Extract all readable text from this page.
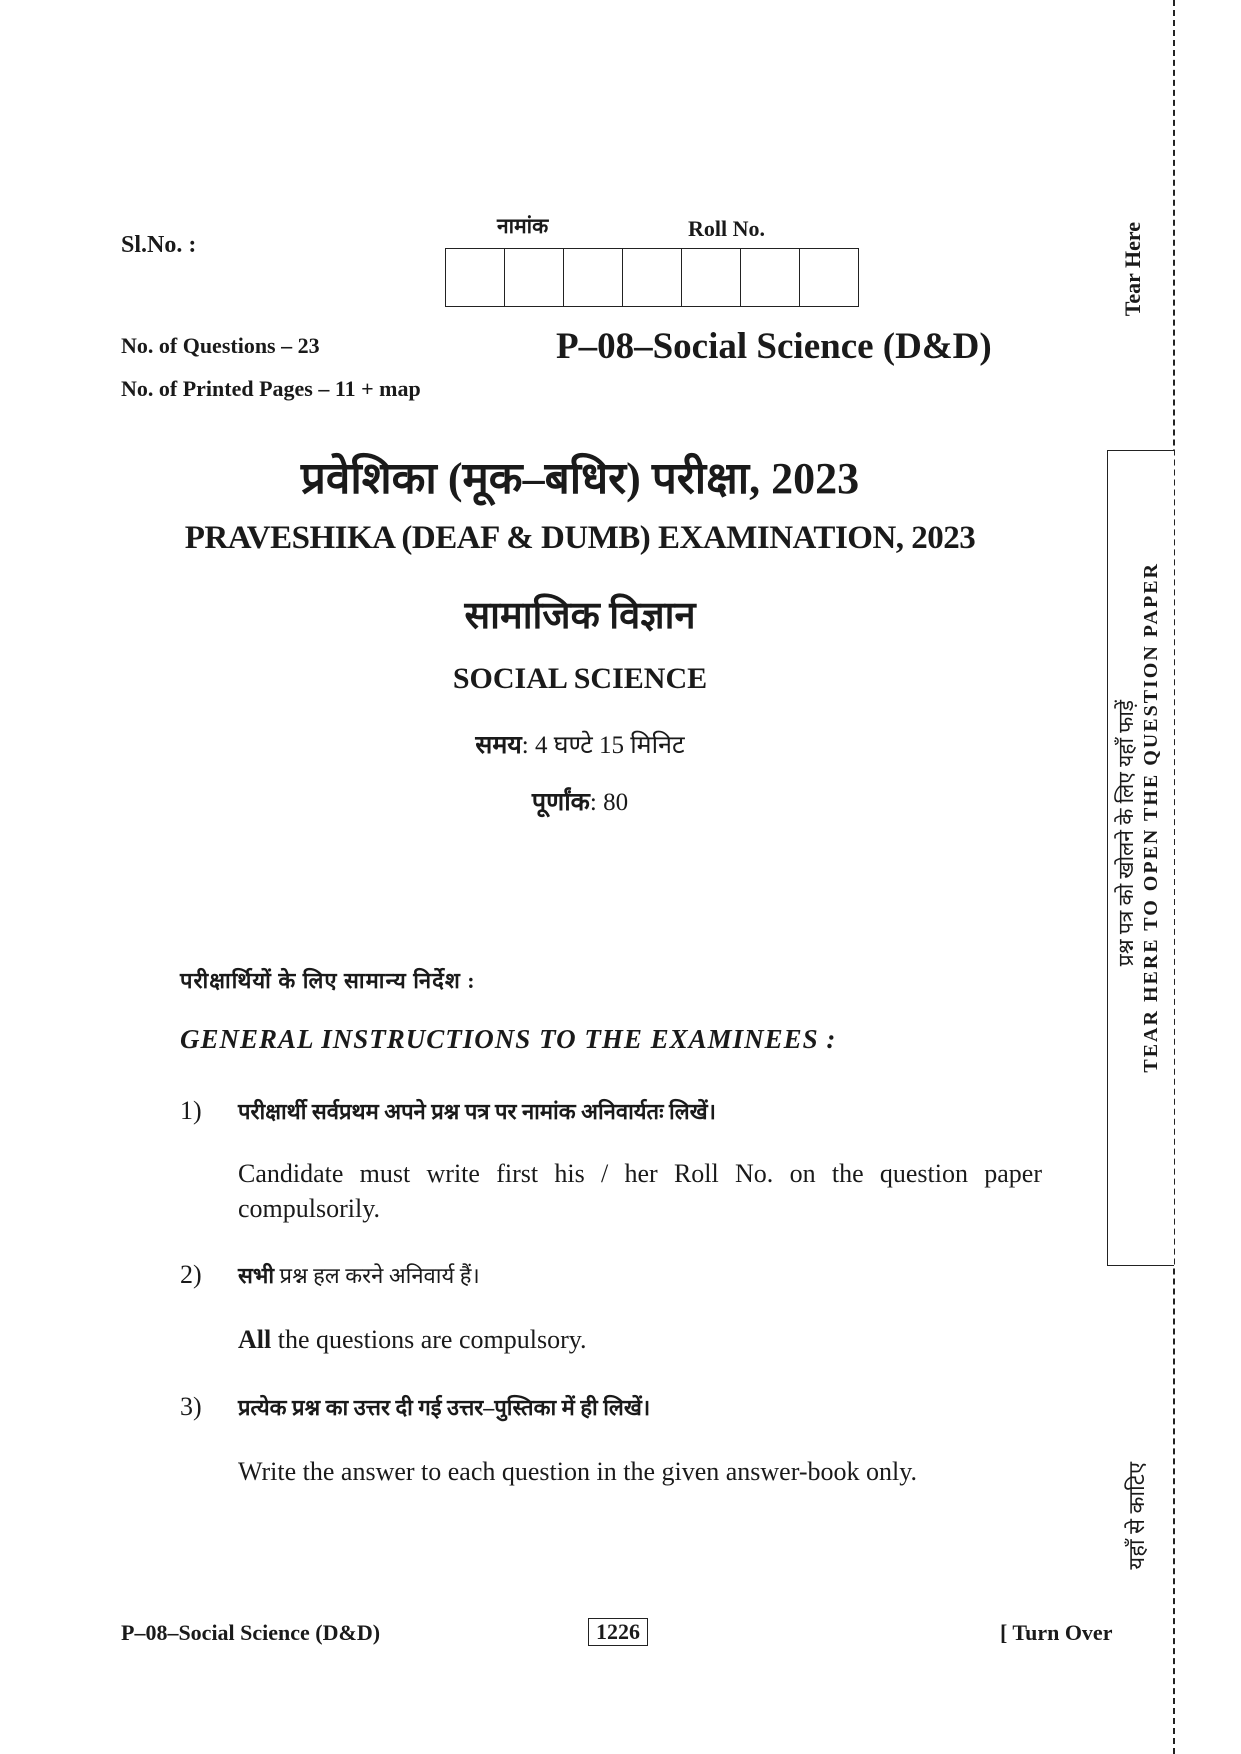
Sl.No. :
नामांक	Roll No.
No. of Questions – 23
No. of Printed Pages – 11 + map
P–08–Social Science (D&D)
प्रवेशिका (मूक–बधिर) परीक्षा, 2023
PRAVESHIKA (DEAF & DUMB) EXAMINATION, 2023
सामाजिक विज्ञान
SOCIAL SCIENCE
समय: 4 घण्टे 15 मिनिट
पूर्णांक: 80
परीक्षार्थियों के लिए सामान्य निर्देश :
GENERAL INSTRUCTIONS TO THE EXAMINEES :
1) परीक्षार्थी सर्वप्रथम अपने प्रश्न पत्र पर नामांक अनिवार्यतः लिखें।
Candidate must write first his / her Roll No. on the question paper compulsorily.
2) सभी प्रश्न हल करने अनिवार्य हैं।
All the questions are compulsory.
3) प्रत्येक प्रश्न का उत्तर दी गई उत्तर–पुस्तिका में ही लिखें।
Write the answer to each question in the given answer-book only.
P–08–Social Science (D&D)	1226	[ Turn Over
Tear Here
प्रश्न पत्र को खोलने के लिए यहाँ फाड़ें TEAR HERE TO OPEN THE QUESTION PAPER
यहाँ से काटिए
